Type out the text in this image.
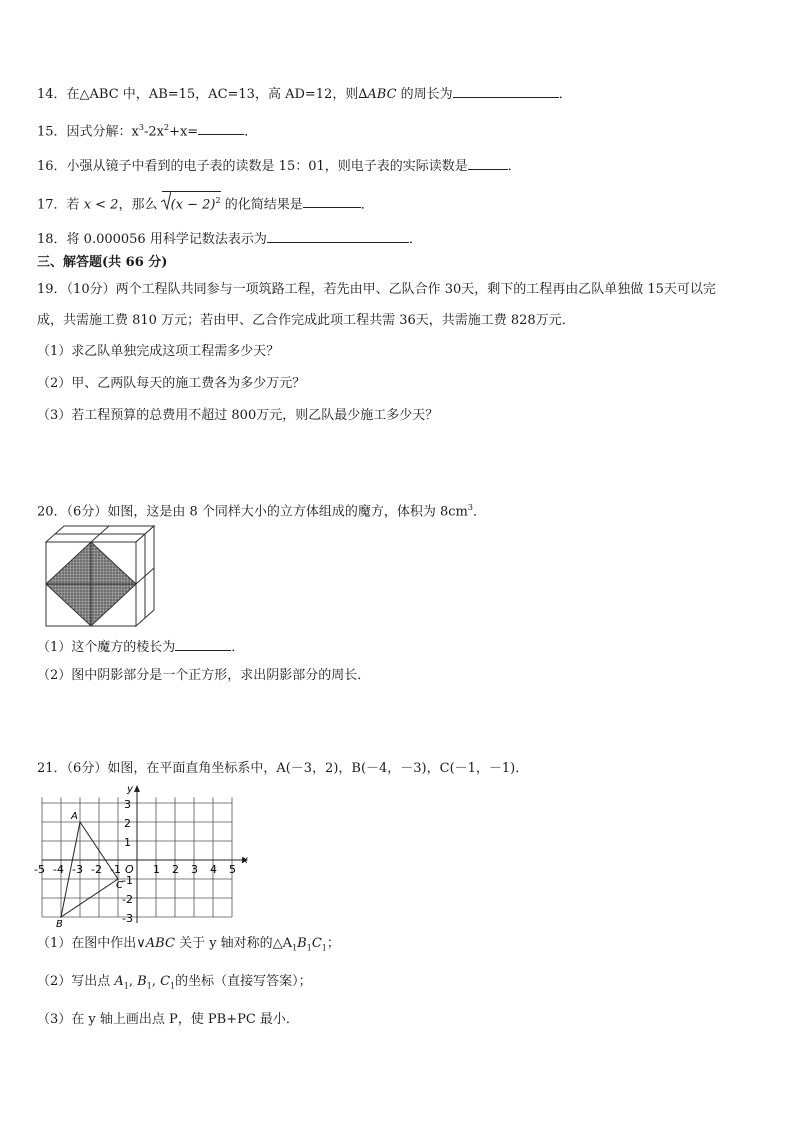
14．在△ABC 中，AB=15，AC=13，高 AD=12，则∆ABC 的周长为	．
15．因式分解：$x^3-2x^2+x=$	．
16．小强从镜子中看到的电子表的读数是 15：01，则电子表的实际读数是	．
17．若 x < 2，那么
$(x - 2)^2$ 的化简结果是	．
18．将 0.000056 用科学记数法表示为	．
三、解答题(共 66 分)
19．（10分）两个工程队共同参与一项筑路工程，若先由甲、乙队合作 30天，剩下的工程再由乙队单独做 15天可以完
成，共需施工费 810 万元；若由甲、乙合作完成此项工程共需 36天，共需施工费 828万元．
（1）求乙队单独完成这项工程需多少天？
（2）甲、乙两队每天的施工费各为多少万元？
（3）若工程预算的总费用不超过 800万元，则乙队最少施工多少天？
20．（6分）如图，这是由 8 个同样大小的立方体组成的魔方，体积为 $8cm^3$．
（1）这个魔方的棱长为	．
（2）图中阴影部分是一个正方形，求出阴影部分的周长．
21．（6分）如图，在平面直角坐标系中，A(－3，2)，B(－4，－3)，C(－1，－1)．
x
y
-5 -4 -3 -2 -1 O 1 2 3 4 5
3
2
1
-1
-2
-3
A
B
C
（1）在图中作出∨ABC 关于 y 轴对称的$\triangle A_1B_1C_1$；
（2）写出点 $A_1$, $B_1$, $C_1$的坐标（直接写答案）；
（3）在 y 轴上画出点 P，使 PB+PC 最小．
